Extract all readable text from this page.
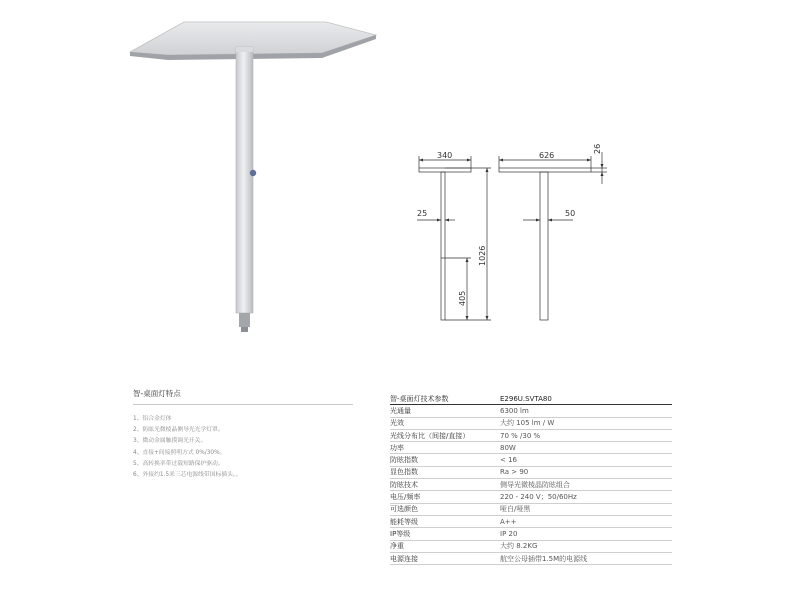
340	626
26
25	50
1026
405
智-桌面灯特点
1、铝合金灯体
2、防眩光微棱晶侧导光光学灯罩。
3、微动金属触摸调光开关。
4、直接+间接照明方式 0%/30%。
5、高转换率带过载短路保护驱动。
6、外接约1.5米三芯电源线带国标插头。。
智-桌面灯技术参数	E296U.SVTA80
光通量	6300 lm
光效	大约 105 lm / W
光线分布比（间接/直接）	70 % /30 %
功率	80W
防眩指数	< 16
显色指数	Ra > 90
防眩技术	侧导光微棱晶防眩组合
电压/频率	220 - 240 V；50/60Hz
可选颜色	哑白/哑黑
能耗等级	A++
IP等级	IP 20
净重	大约 8.2KG
电源连接	航空公母插带1.5M的电源线
